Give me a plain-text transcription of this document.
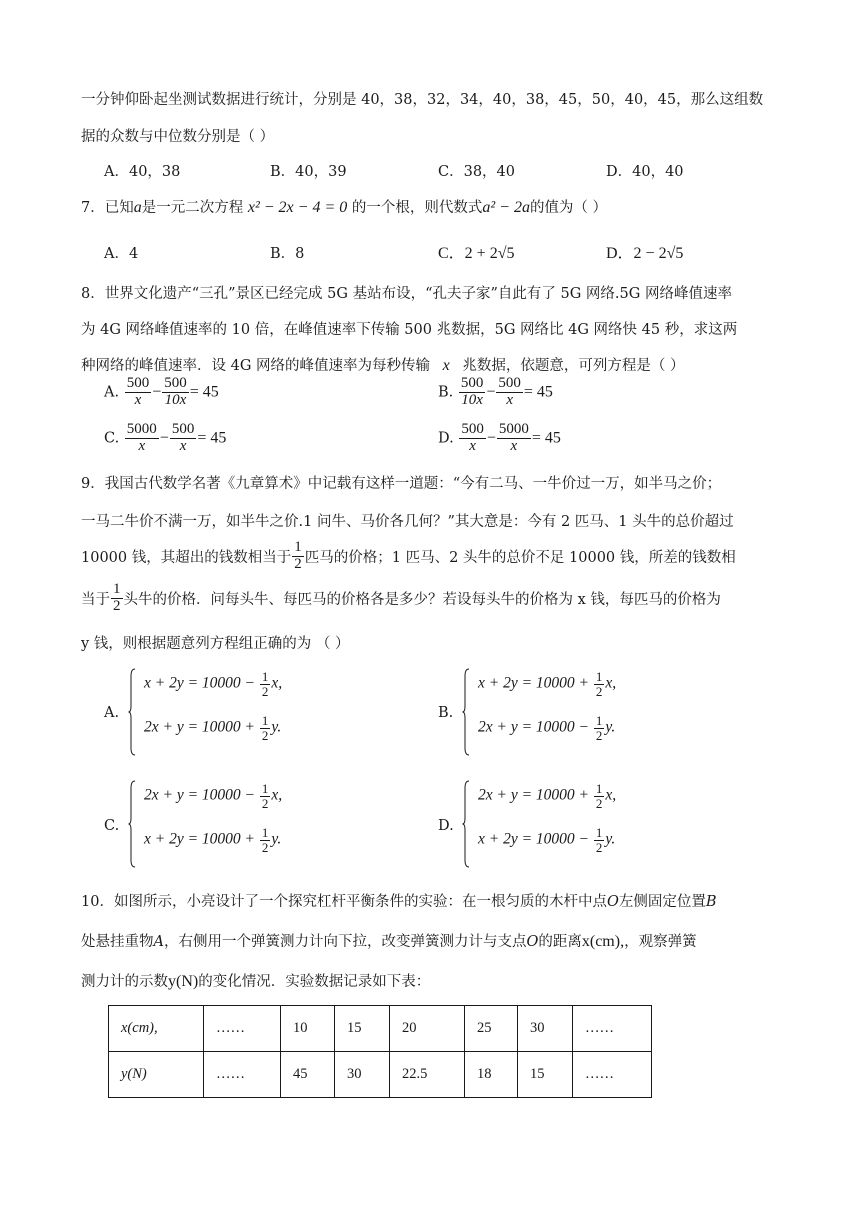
一分钟仰卧起坐测试数据进行统计，分别是 40，38，32，34，40，38，45，50，40，45，那么这组数
据的众数与中位数分别是（ ）
A．40，38	B．40，39	C．38，40	D．40，40
7．已知a是一元二次方程 x² − 2x − 4 = 0 的一个根，则代数式a² − 2a的值为（ ）
A．4	B．8	C．2 + 2√5	D．2 − 2√5
8．世界文化遗产“三孔”景区已经完成 5G 基站布设，“孔夫子家”自此有了 5G 网络.5G 网络峰值速率
为 4G 网络峰值速率的 10 倍，在峰值速率下传输 500 兆数据，5G 网络比 4G 网络快 45 秒，求这两
种网络的峰值速率．设 4G 网络的峰值速率为每秒传输 x 兆数据，依题意，可列方程是（ ）
A. $\frac{500}{x} - \frac{500}{10x} = 45$	B. $\frac{500}{10x} - \frac{500}{x} = 45$
C. $\frac{5000}{x} - \frac{500}{x} = 45$	D. $\frac{500}{x} - \frac{5000}{x} = 45$
9．我国古代数学名著《九章算术》中记载有这样一道题：“今有二马、一牛价过一万，如半马之价；
一马二牛价不满一万，如半牛之价.1 问牛、马价各几何？”其大意是：今有 2 匹马、1 头牛的总价超过
10000 钱，其超出的钱数相当于 $\frac{1}{2}$ 匹马的价格；1 匹马、2 头牛的总价不足 10000 钱，所差的钱数相
当于 $\frac{1}{2}$ 头牛的价格．问每头牛、每匹马的价格各是多少？若设每头牛的价格为 x 钱，每匹马的价格为
y 钱，则根据题意列方程组正确的为 （ ）
A.
$x + 2y = 10000 - \frac{1}{2} x$,
$2x + y = 10000 + \frac{1}{2} y$.
B.
$x + 2y = 10000 + \frac{1}{2} x$,
$2x + y = 10000 - \frac{1}{2} y$.
C.
$2x + y = 10000 - \frac{1}{2} x$,
$x + 2y = 10000 + \frac{1}{2} y$.
D.
$2x + y = 10000 + \frac{1}{2} x$,
$x + 2y = 10000 - \frac{1}{2} y$.
10．如图所示，小亮设计了一个探究杠杆平衡条件的实验：在一根匀质的木杆中点O左侧固定位置B
处悬挂重物A，右侧用一个弹簧测力计向下拉，改变弹簧测力计与支点O的距离x(cm),，观察弹簧
测力计的示数y(N)的变化情况．实验数据记录如下表：
x(cm),	……	10	15	20	25	30	……
y(N)	……	45	30	22.5	18	15	……
